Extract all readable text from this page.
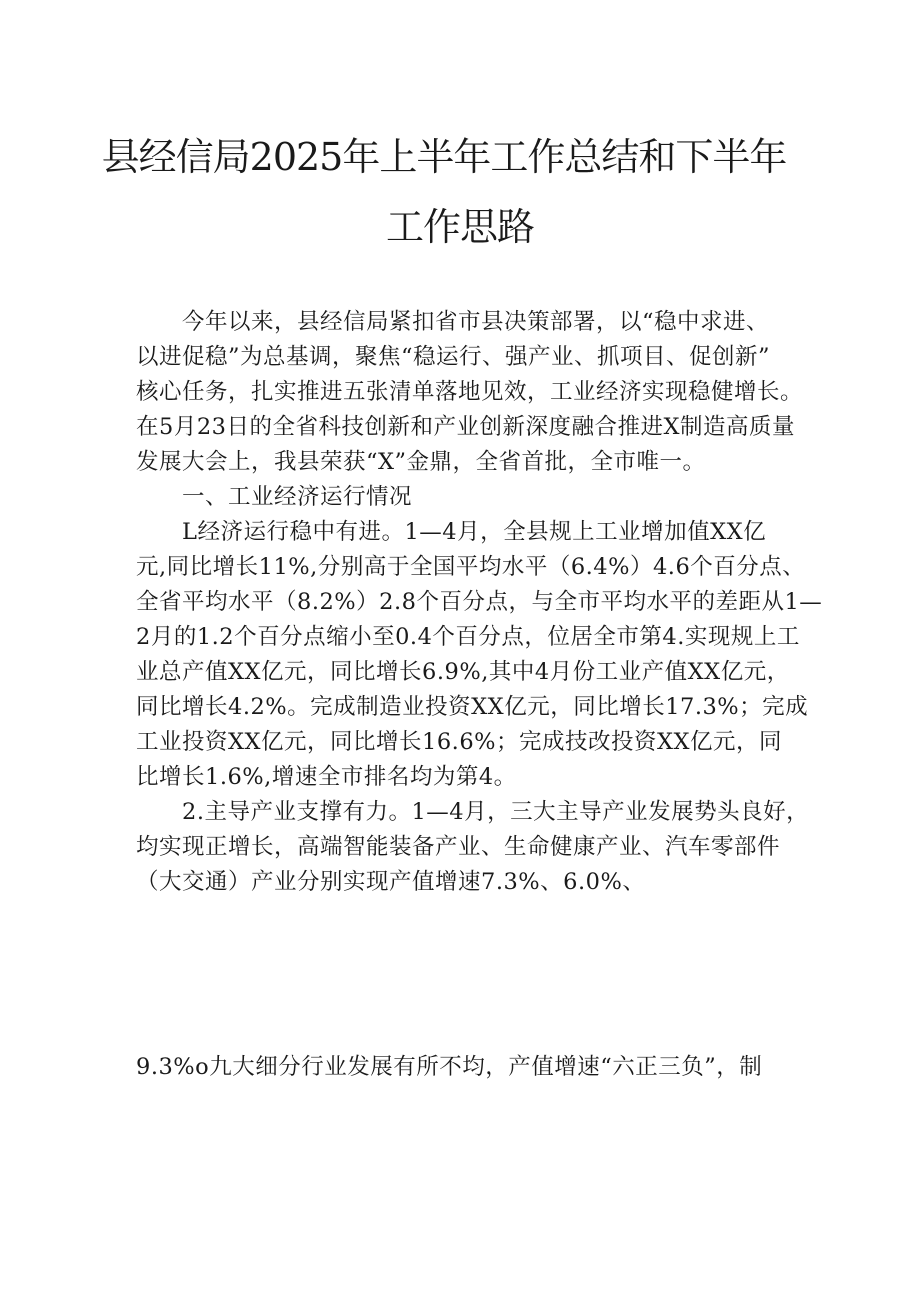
县经信局2025年上半年工作总结和下半年
工作思路
今年以来，县经信局紧扣省市县决策部署，以“稳中求进、
以进促稳”为总基调，聚焦“稳运行、强产业、抓项目、促创新”
核心任务，扎实推进五张清单落地见效，工业经济实现稳健增长。
在5月23日的全省科技创新和产业创新深度融合推进X制造高质量
发展大会上，我县荣获“X”金鼎，全省首批，全市唯一。
一、工业经济运行情况
L经济运行稳中有进。1—4月，全县规上工业增加值XX亿
元,同比增长11%,分别高于全国平均水平（6.4%）4.6个百分点、
全省平均水平（8.2%）2.8个百分点，与全市平均水平的差距从1—
2月的1.2个百分点缩小至0.4个百分点，位居全市第4.实现规上工
业总产值XX亿元，同比增长6.9%,其中4月份工业产值XX亿元，
同比增长4.2%。完成制造业投资XX亿元，同比增长17.3%；完成
工业投资XX亿元，同比增长16.6%；完成技改投资XX亿元，同
比增长1.6%,增速全市排名均为第4。
2.主导产业支撑有力。1—4月，三大主导产业发展势头良好，
均实现正增长，高端智能装备产业、生命健康产业、汽车零部件
（大交通）产业分别实现产值增速7.3%、6.0%、
9.3%o九大细分行业发展有所不均，产值增速“六正三负”，制
